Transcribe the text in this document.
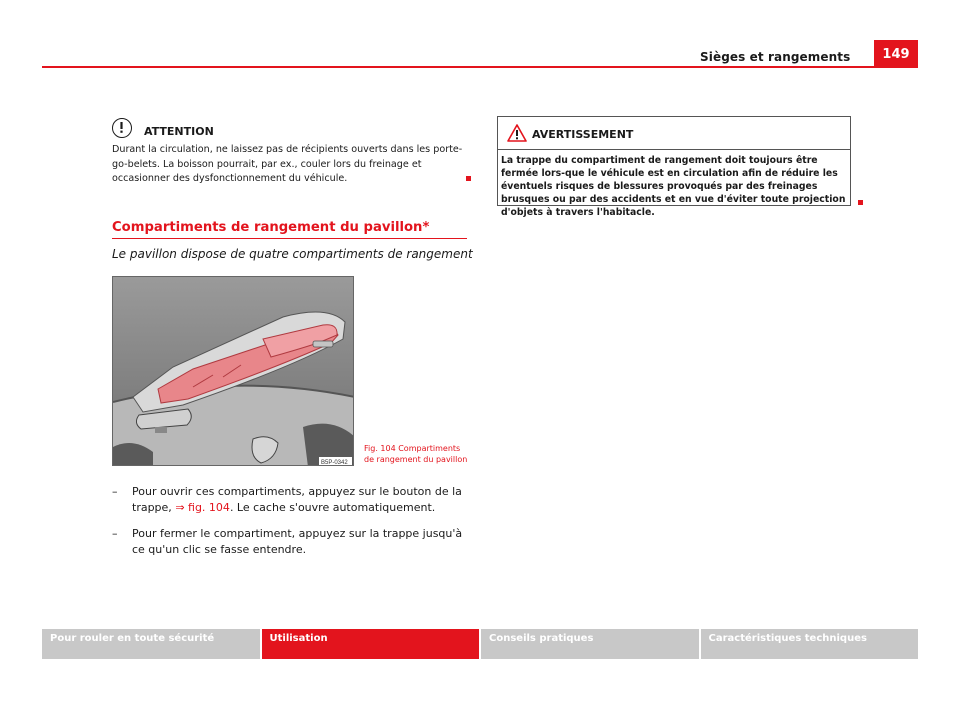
Sièges et rangements	149
ATTENTION
Durant la circulation, ne laissez pas de récipients ouverts dans les porte-go-belets. La boisson pourrait, par ex., couler lors du freinage et occasionner des dysfonctionnement du véhicule.
Compartiments de rangement du pavillon*
Le pavillon dispose de quatre compartiments de rangement
B5P-0342
Fig. 104 Compartiments
de rangement du pavillon
–	Pour ouvrir ces compartiments, appuyez sur le bouton de la trappe, ⇒ fig. 104. Le cache s'ouvre automatiquement.
–	Pour fermer le compartiment, appuyez sur la trappe jusqu'à ce qu'un clic se fasse entendre.
AVERTISSEMENT
La trappe du compartiment de rangement doit toujours être fermée lors-que le véhicule est en circulation afin de réduire les éventuels risques de blessures provoqués par des freinages brusques ou par des accidents et en vue d'éviter toute projection d'objets à travers l'habitacle.
Pour rouler en toute sécurité	Utilisation	Conseils pratiques	Caractéristiques techniques
